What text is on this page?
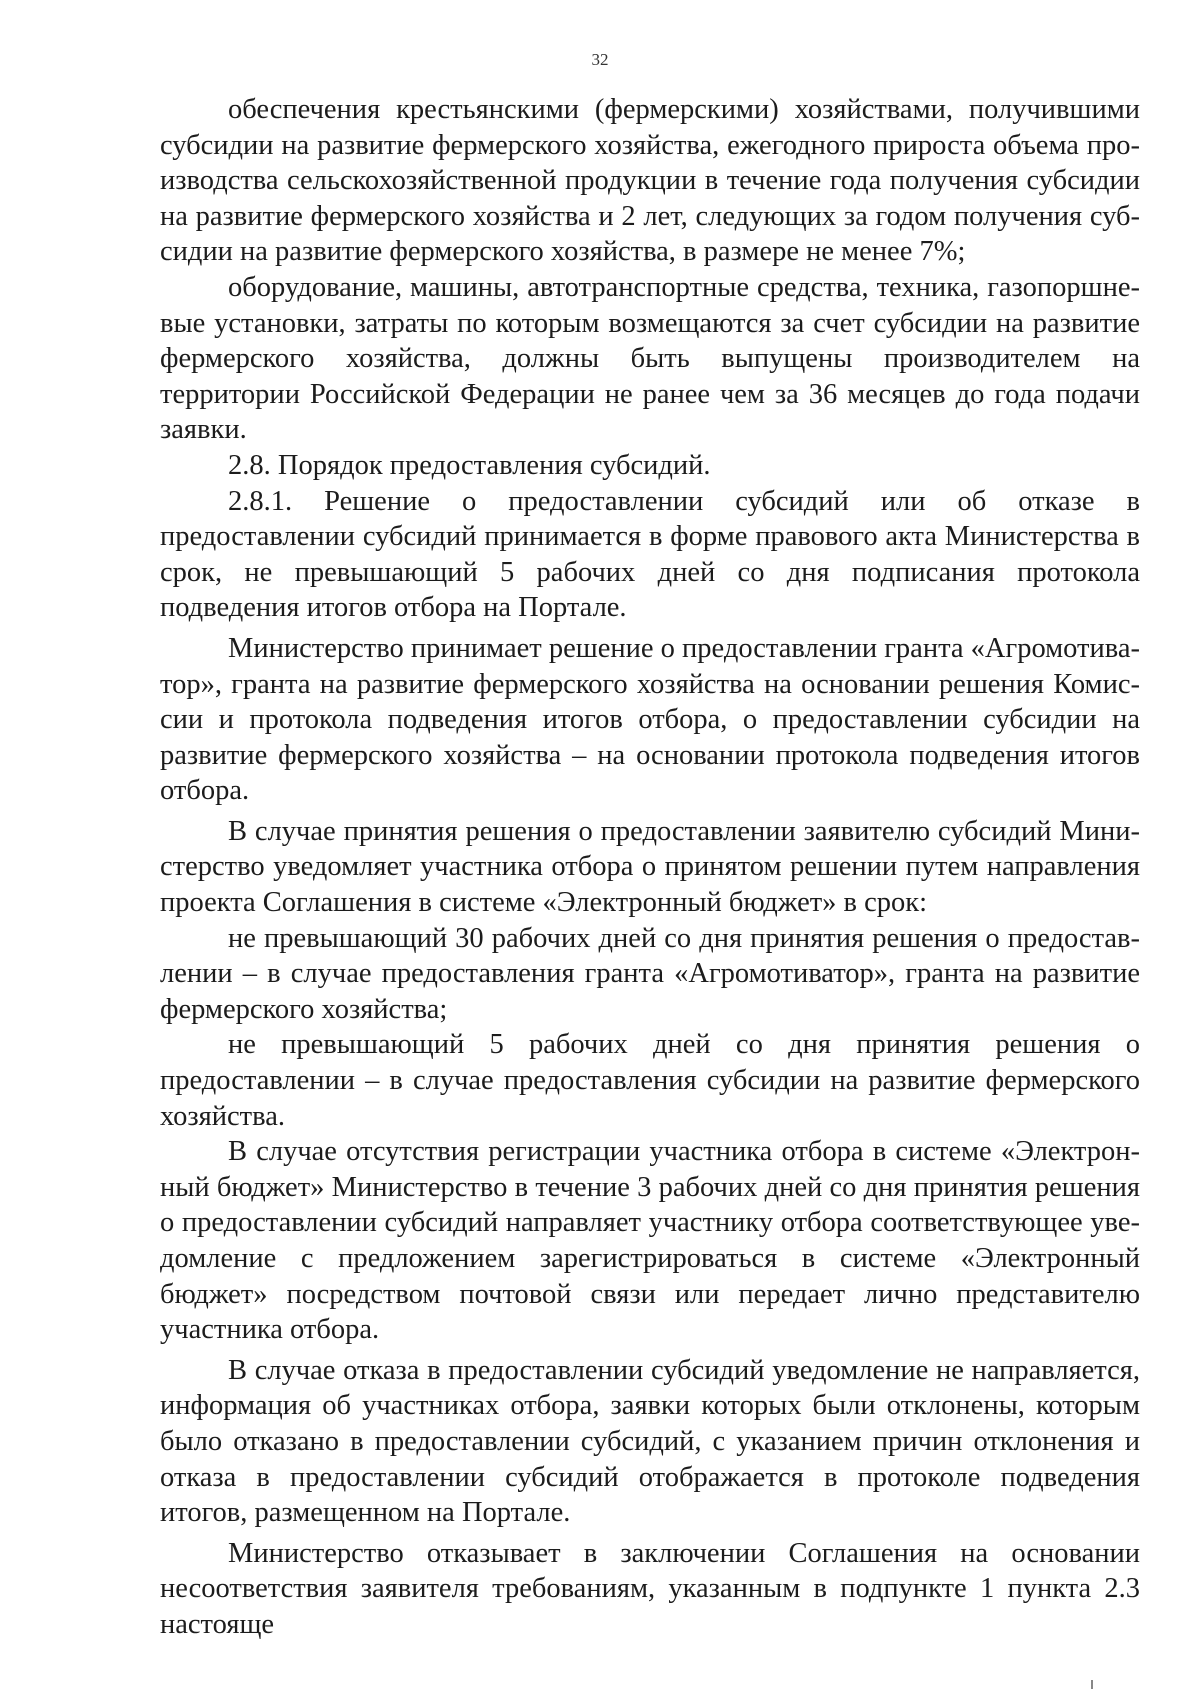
32

обеспечения крестьянскими (фермерскими) хозяйствами, получившими субсидии на развитие фермерского хозяйства, ежегодного прироста объема производства сельскохозяйственной продукции в течение года получения субсидии на развитие фермерского хозяйства и 2 лет, следующих за годом получения субсидии на развитие фермерского хозяйства, в размере не менее 7%;

оборудование, машины, автотранспортные средства, техника, газопоршневые установки, затраты по которым возмещаются за счет субсидии на развитие фермерского хозяйства, должны быть выпущены производителем на территории Российской Федерации не ранее чем за 36 месяцев до года подачи заявки.

2.8. Порядок предоставления субсидий.

2.8.1. Решение о предоставлении субсидий или об отказе в предоставлении субсидий принимается в форме правового акта Министерства в срок, не превышающий 5 рабочих дней со дня подписания протокола подведения итогов отбора на Портале.

Министерство принимает решение о предоставлении гранта «Агромотиватор», гранта на развитие фермерского хозяйства на основании решения Комиссии и протокола подведения итогов отбора, о предоставлении субсидии на развитие фермерского хозяйства – на основании протокола подведения итогов отбора.

В случае принятия решения о предоставлении заявителю субсидий Министерство уведомляет участника отбора о принятом решении путем направления проекта Соглашения в системе «Электронный бюджет» в срок:

не превышающий 30 рабочих дней со дня принятия решения о предоставлении – в случае предоставления гранта «Агромотиватор», гранта на развитие фермерского хозяйства;

не превышающий 5 рабочих дней со дня принятия решения о предоставлении – в случае предоставления субсидии на развитие фермерского хозяйства.

В случае отсутствия регистрации участника отбора в системе «Электронный бюджет» Министерство в течение 3 рабочих дней со дня принятия решения о предоставлении субсидий направляет участнику отбора соответствующее уведомление с предложением зарегистрироваться в системе «Электронный бюджет» посредством почтовой связи или передает лично представителю участника отбора.

В случае отказа в предоставлении субсидий уведомление не направляется, информация об участниках отбора, заявки которых были отклонены, которым было отказано в предоставлении субсидий, с указанием причин отклонения и отказа в предоставлении субсидий отображается в протоколе подведения итогов, размещенном на Портале.

Министерство отказывает в заключении Соглашения на основании несоответствия заявителя требованиям, указанным в подпункте 1 пункта 2.3 настояще
